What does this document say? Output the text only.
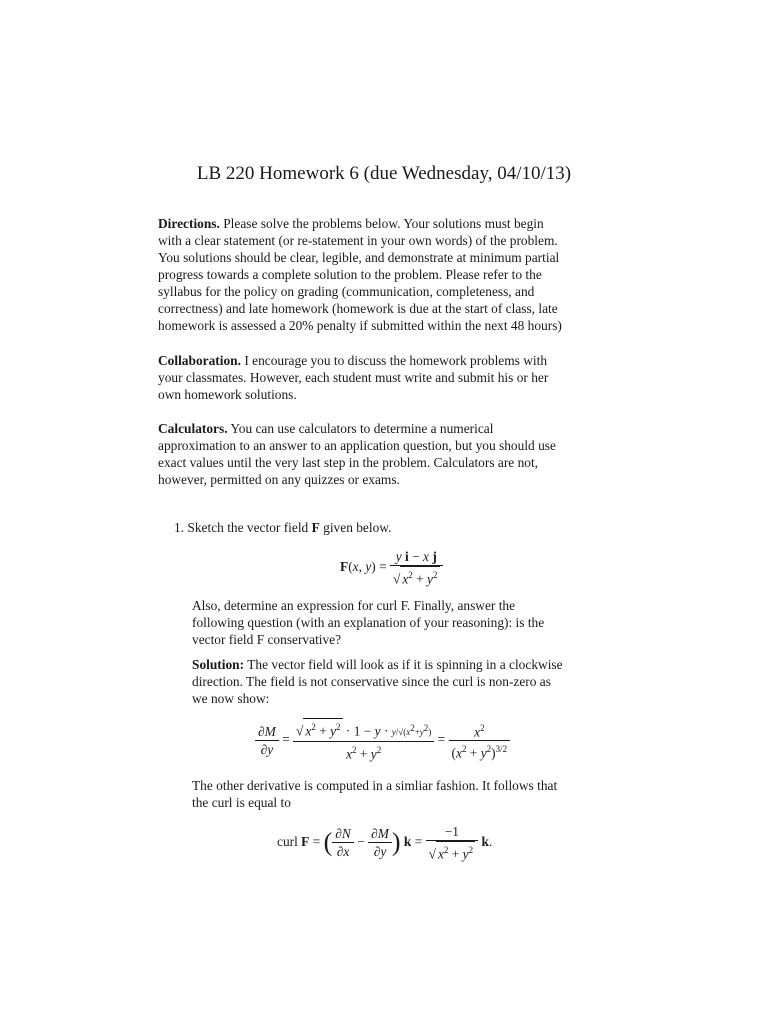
LB 220 Homework 6 (due Wednesday, 04/10/13)
Directions. Please solve the problems below. Your solutions must begin
with a clear statement (or re-statement in your own words) of the problem.
You solutions should be clear, legible, and demonstrate at minimum partial
progress towards a complete solution to the problem. Please refer to the
syllabus for the policy on grading (communication, completeness, and
correctness) and late homework (homework is due at the start of class, late
homework is assessed a 20% penalty if submitted within the next 48 hours)
Collaboration. I encourage you to discuss the homework problems with
your classmates. However, each student must write and submit his or her
own homework solutions.
Calculators. You can use calculators to determine a numerical
approximation to an answer to an application question, but you should use
exact values until the very last step in the problem. Calculators are not,
however, permitted on any quizzes or exams.
1. Sketch the vector field F given below.
F(x, $y) = \frac{\text{y i − x j}}{√ x^2 + y^2}$
Also, determine an expression for curl F. Finally, answer the
following question (with an explanation of your reasoning): is the
vector field F conservative?
Solution: The vector field will look as if it is spinning in a clockwise
direction. The field is not conservative since the curl is non-zero as
we now show:
$\frac{\partial M}{\partial y} = \frac{√ x^2 + y^2 \cdot 1 - y \cdot y/√(x^2+y^2)}{x^2 + y^2} = \frac{x^2}{(x^2 + y^2)^{3/2}}$
The other derivative is computed in a simliar fashion. It follows that
the curl is equal to
curl F = ( $\frac{\partial N}{\partial x} - \frac{\partial M}{\partial y}$ ) $k = \frac{-1}{√ x^2 + y^2} k$.
